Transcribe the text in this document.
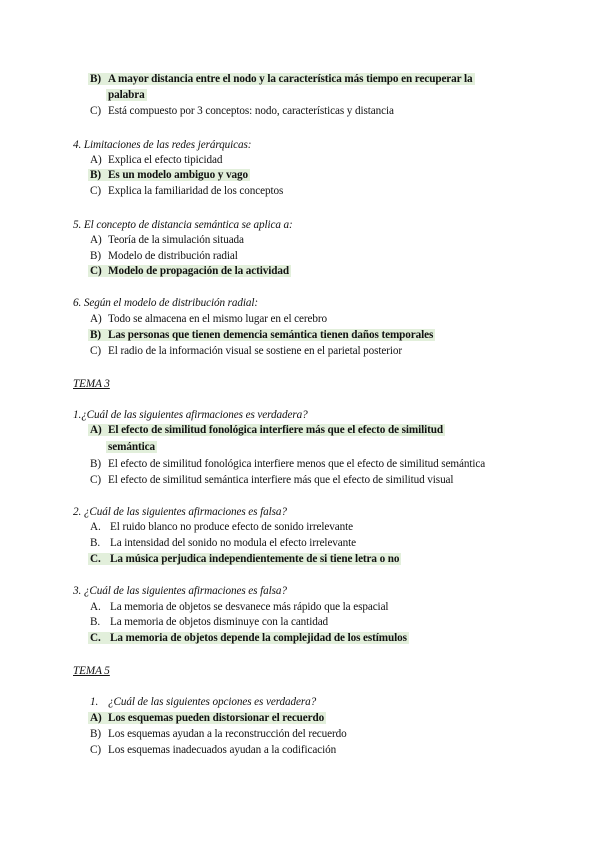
B) A mayor distancia entre el nodo y la característica más tiempo en recuperar la
palabra
C) Está compuesto por 3 conceptos: nodo, características y distancia
4. Limitaciones de las redes jerárquicas:
A) Explica el efecto tipicidad
B) Es un modelo ambiguo y vago
C) Explica la familiaridad de los conceptos
5. El concepto de distancia semántica se aplica a:
A) Teoría de la simulación situada
B) Modelo de distribución radial
C) Modelo de propagación de la actividad
6. Según el modelo de distribución radial:
A) Todo se almacena en el mismo lugar en el cerebro
B) Las personas que tienen demencia semántica tienen daños temporales
C) El radio de la información visual se sostiene en el parietal posterior
TEMA 3
1.¿Cuál de las siguientes afirmaciones es verdadera?
A) El efecto de similitud fonológica interfiere más que el efecto de similitud
semántica
B) El efecto de similitud fonológica interfiere menos que el efecto de similitud semántica
C) El efecto de similitud semántica interfiere más que el efecto de similitud visual
2. ¿Cuál de las siguientes afirmaciones es falsa?
A. El ruido blanco no produce efecto de sonido irrelevante
B. La intensidad del sonido no modula el efecto irrelevante
C. La música perjudica independientemente de si tiene letra o no
3. ¿Cuál de las siguientes afirmaciones es falsa?
A. La memoria de objetos se desvanece más rápido que la espacial
B. La memoria de objetos disminuye con la cantidad
C. La memoria de objetos depende la complejidad de los estímulos
TEMA 5
1. ¿Cuál de las siguientes opciones es verdadera?
A) Los esquemas pueden distorsionar el recuerdo
B) Los esquemas ayudan a la reconstrucción del recuerdo
C) Los esquemas inadecuados ayudan a la codificación
